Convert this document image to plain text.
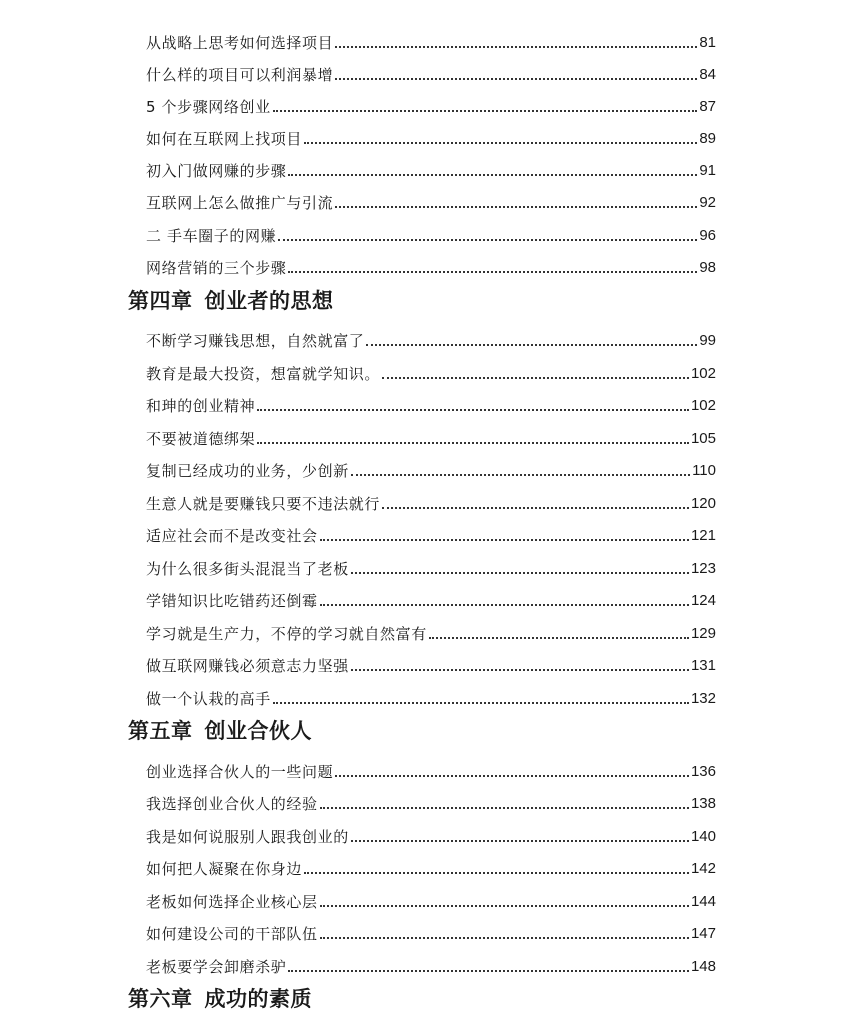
从战略上思考如何选择项目	81
什么样的项目可以利润暴增	84
5 个步骤网络创业	87
如何在互联网上找项目	89
初入门做网赚的步骤	91
互联网上怎么做推广与引流	92
二 手车圈子的网赚	96
网络营销的三个步骤	98
第四章 创业者的思想
不断学习赚钱思想，自然就富了	99
教育是最大投资，想富就学知识。	102
和珅的创业精神	102
不要被道德绑架	105
复制已经成功的业务，少创新	110
生意人就是要赚钱只要不违法就行	120
适应社会而不是改变社会	121
为什么很多街头混混当了老板	123
学错知识比吃错药还倒霉	124
学习就是生产力，不停的学习就自然富有	129
做互联网赚钱必须意志力坚强	131
做一个认栽的高手	132
第五章 创业合伙人
创业选择合伙人的一些问题	136
我选择创业合伙人的经验	138
我是如何说服别人跟我创业的	140
如何把人凝聚在你身边	142
老板如何选择企业核心层	144
如何建设公司的干部队伍	147
老板要学会卸磨杀驴	148
第六章 成功的素质
